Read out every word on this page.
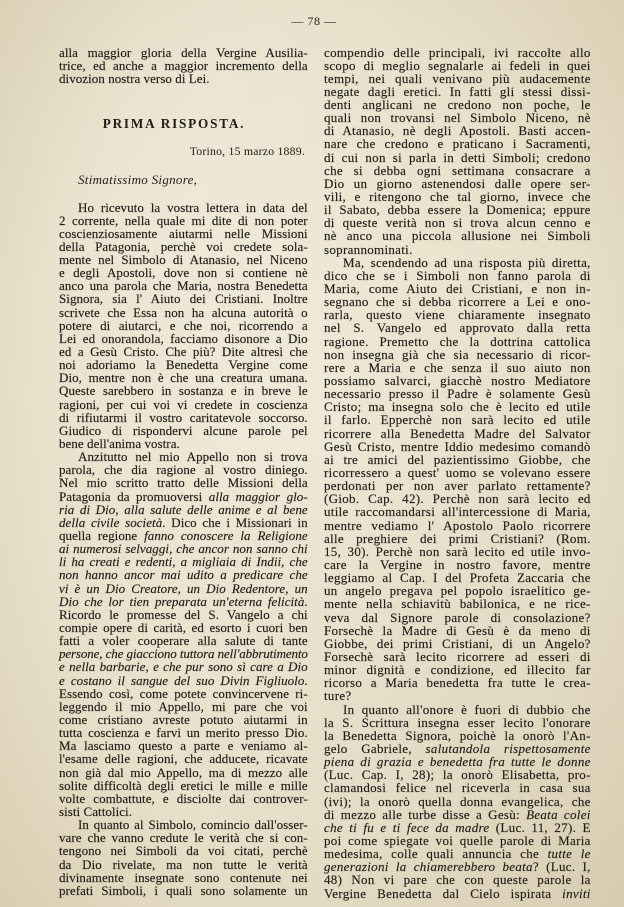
— 78 —
alla maggior gloria della Vergine Ausilia-
trice, ed anche a maggior incremento della
divozion nostra verso di Lei.
PRIMA RISPOSTA.
Torino, 15 marzo 1889.
Stimatissimo Signore,
Ho ricevuto la vostra lettera in data del
2 corrente, nella quale mi dite di non poter
coscienziosamente aiutarmi nelle Missioni
della Patagonia, perchè voi credete sola-
mente nel Simbolo di Atanasio, nel Niceno
e degli Apostoli, dove non si contiene nè
anco una parola che Maria, nostra Benedetta
Signora, sia l' Aiuto dei Cristiani. Inoltre
scrivete che Essa non ha alcuna autorità o
potere di aiutarci, e che noi, ricorrendo a
Lei ed onorandola, facciamo disonore a Dio
ed a Gesù Cristo. Che più? Dite altresì che
noi adoriamo la Benedetta Vergine come
Dio, mentre non è che una creatura umana.
Queste sarebbero in sostanza e in breve le
ragioni, per cui voi vi credete in coscienza
di rifiutarmi il vostro caritatevole soccorso.
Giudico di rispondervi alcune parole pel
bene dell'anima vostra.
Anzitutto nel mio Appello non si trova
parola, che dia ragione al vostro diniego.
Nel mio scritto tratto delle Missioni della
Patagonia da promuoversi alla maggior glo-
ria di Dio, alla salute delle anime e al bene
della civile società. Dico che i Missionari in
quella regione fanno conoscere la Religione
ai numerosi selvaggi, che ancor non sanno chi
li ha creati e redenti, a migliaia di Indii, che
non hanno ancor mai udito a predicare che
vi è un Dio Creatore, un Dio Redentore, un
Dio che lor tien preparata un'eterna felicità.
Ricordo le promesse del S. Vangelo a chi
compie opere di carità, ed esorto i cuori ben
fatti a voler cooperare alla salute di tante
persone, che giacciono tuttora nell'abbrutimento
e nella barbarie, e che pur sono sì care a Dio
e costano il sangue del suo Divin Figliuolo.
Essendo così, come potete convincervene ri-
leggendo il mio Appello, mi pare che voi
come cristiano avreste potuto aiutarmi in
tutta coscienza e farvi un merito presso Dio.
Ma lasciamo questo a parte e veniamo al-
l'esame delle ragioni, che adducete, ricavate
non già dal mio Appello, ma di mezzo alle
solite difficoltà degli eretici le mille e mille
volte combattute, e disciolte dai controver-
sisti Cattolici.
In quanto al Simbolo, comincio dall'osser-
vare che vanno credute le verità che si con-
tengono nei Simboli da voi citati, perchè
da Dio rivelate, ma non tutte le verità
divinamente insegnate sono contenute nei
prefati Simboli, i quali sono solamente un
compendio delle principali, ivi raccolte allo
scopo di meglio segnalarle ai fedeli in quei
tempi, nei quali venivano più audacemente
negate dagli eretici. In fatti gli stessi dissi-
denti anglicani ne credono non poche, le
quali non trovansi nel Simbolo Niceno, nè
di Atanasio, nè degli Apostoli. Basti accen-
nare che credono e praticano i Sacramenti,
di cui non si parla in detti Simboli; credono
che si debba ogni settimana consacrare a
Dio un giorno astenendosi dalle opere ser-
vili, e ritengono che tal giorno, invece che
il Sabato, debba essere la Domenica; eppure
di queste verità non si trova alcun cenno e
nè anco una piccola allusione nei Simboli
soprannominati.
Ma, scendendo ad una risposta più diretta,
dico che se i Simboli non fanno parola di
Maria, come Aiuto dei Cristiani, e non in-
segnano che si debba ricorrere a Lei e ono-
rarla, questo viene chiaramente insegnato
nel S. Vangelo ed approvato dalla retta
ragione. Premetto che la dottrina cattolica
non insegna già che sia necessario di ricor-
rere a Maria e che senza il suo aiuto non
possiamo salvarci, giacchè nostro Mediatore
necessario presso il Padre è solamente Gesù
Cristo; ma insegna solo che è lecito ed utile
il farlo. Epperchè non sarà lecito ed utile
ricorrere alla Benedetta Madre del Salvator
Gesù Cristo, mentre Iddio medesimo comandò
ai tre amici del pazientissimo Giobbe, che
ricorressero a quest' uomo se volevano essere
perdonati per non aver parlato rettamente?
(Giob. Cap. 42). Perchè non sarà lecito ed
utile raccomandarsi all'intercessione di Maria,
mentre vediamo l' Apostolo Paolo ricorrere
alle preghiere dei primi Cristiani? (Rom.
15, 30). Perchè non sarà lecito ed utile invo-
care la Vergine in nostro favore, mentre
leggiamo al Cap. I del Profeta Zaccaria che
un angelo pregava pel popolo israelitico ge-
mente nella schiavitù babilonica, e ne rice-
veva dal Signore parole di consolazione?
Forsechè la Madre di Gesù è da meno di
Giobbe, dei primi Cristiani, di un Angelo?
Forsechè sarà lecito ricorrere ad esseri di
minor dignità e condizione, ed illecito far
ricorso a Maria benedetta fra tutte le crea-
ture?
In quanto all'onore è fuori di dubbio che
la S. Scrittura insegna esser lecito l'onorare
la Benedetta Signora, poichè la onorò l'An-
gelo Gabriele, salutandola rispettosamente
piena di grazia e benedetta fra tutte le donne
(Luc. Cap. I, 28); la onorò Elisabetta, pro-
clamandosi felice nel riceverla in casa sua
(ivi); la onorò quella donna evangelica, che
di mezzo alle turbe disse a Gesù: Beata colei
che ti fu e ti fece da madre (Luc. 11, 27). E
poi come spiegate voi quelle parole di Maria
medesima, colle quali annuncia che tutte le
generazioni la chiamerebbero beata? (Luc. I,
48) Non vi pare che con queste parole la
Vergine Benedetta dal Cielo ispirata inviti
